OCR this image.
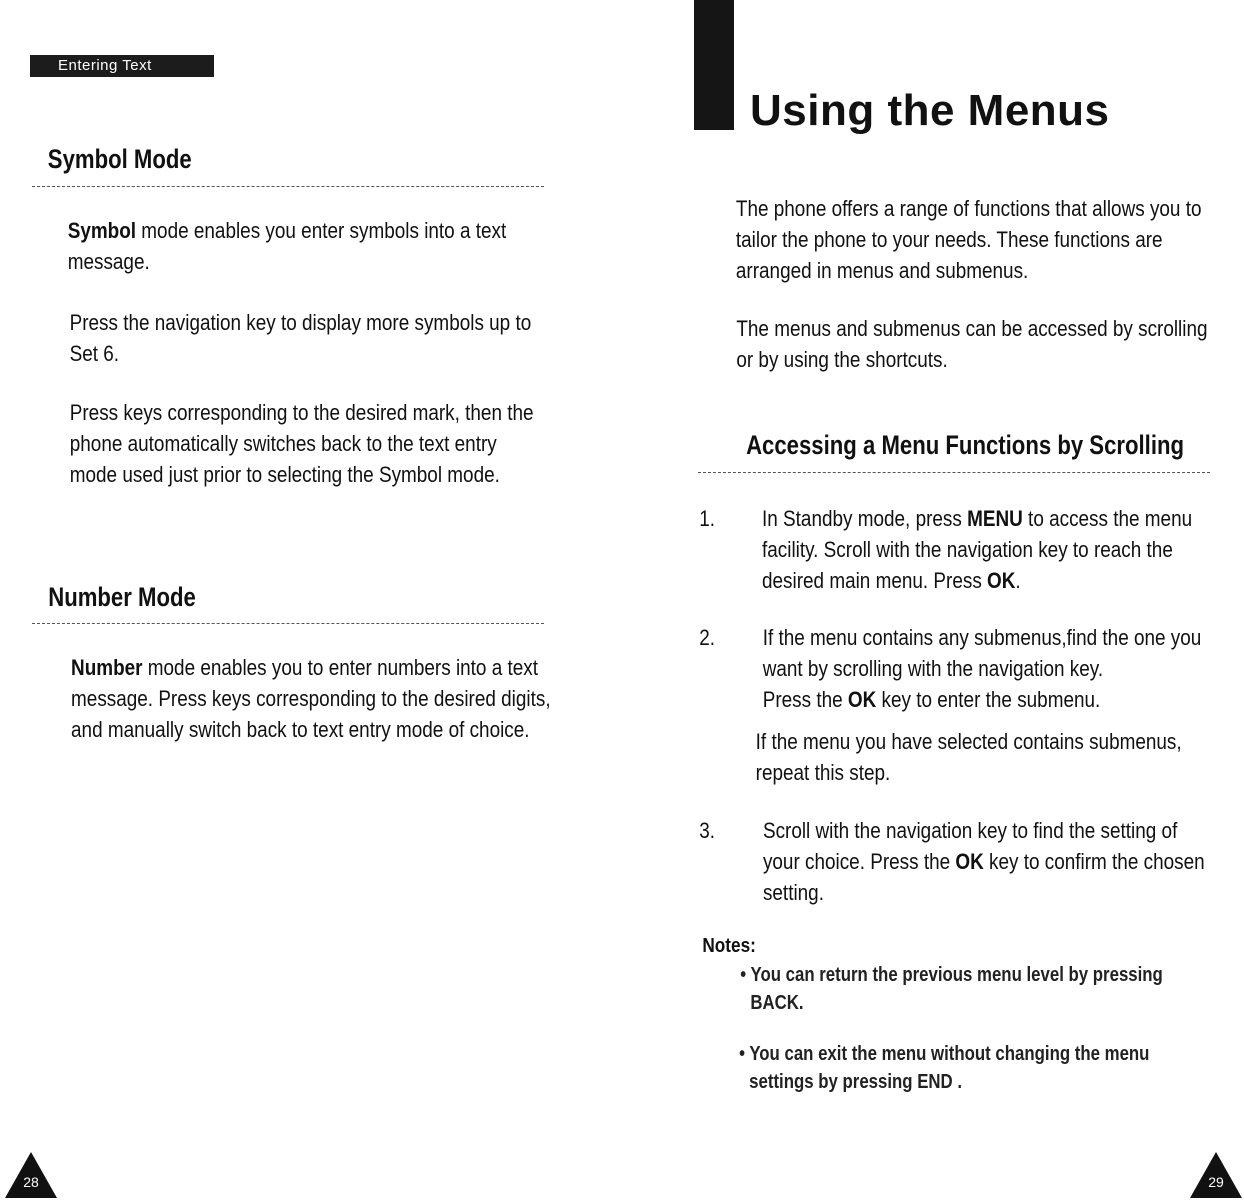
Entering Text
Symbol Mode
Symbol mode enables you enter symbols into a text
message.
Press the navigation key to display more symbols up to
Set 6.
Press keys corresponding to the desired mark, then the
phone automatically switches back to the text entry
mode used just prior to selecting the Symbol mode.
Number Mode
Number mode enables you to enter numbers into a text
message. Press keys corresponding to the desired digits,
and manually switch back to text entry mode of choice.
28
Using the Menus
The phone offers a range of functions that allows you to
tailor the phone to your needs. These functions are
arranged in menus and submenus.
The menus and submenus can be accessed by scrolling
or by using the shortcuts.
Accessing a Menu Functions by Scrolling
1. In Standby mode, press MENU to access the menu
facility. Scroll with the navigation key to reach the
desired main menu. Press OK.
2. If the menu contains any submenus,find the one you
want by scrolling with the navigation key.
Press the OK key to enter the submenu.
If the menu you have selected contains submenus,
repeat this step.
3. Scroll with the navigation key to find the setting of
your choice. Press the OK key to confirm the chosen
setting.
Notes:
• You can return the previous menu level by pressing
BACK.
• You can exit the menu without changing the menu
settings by pressing END .
29
